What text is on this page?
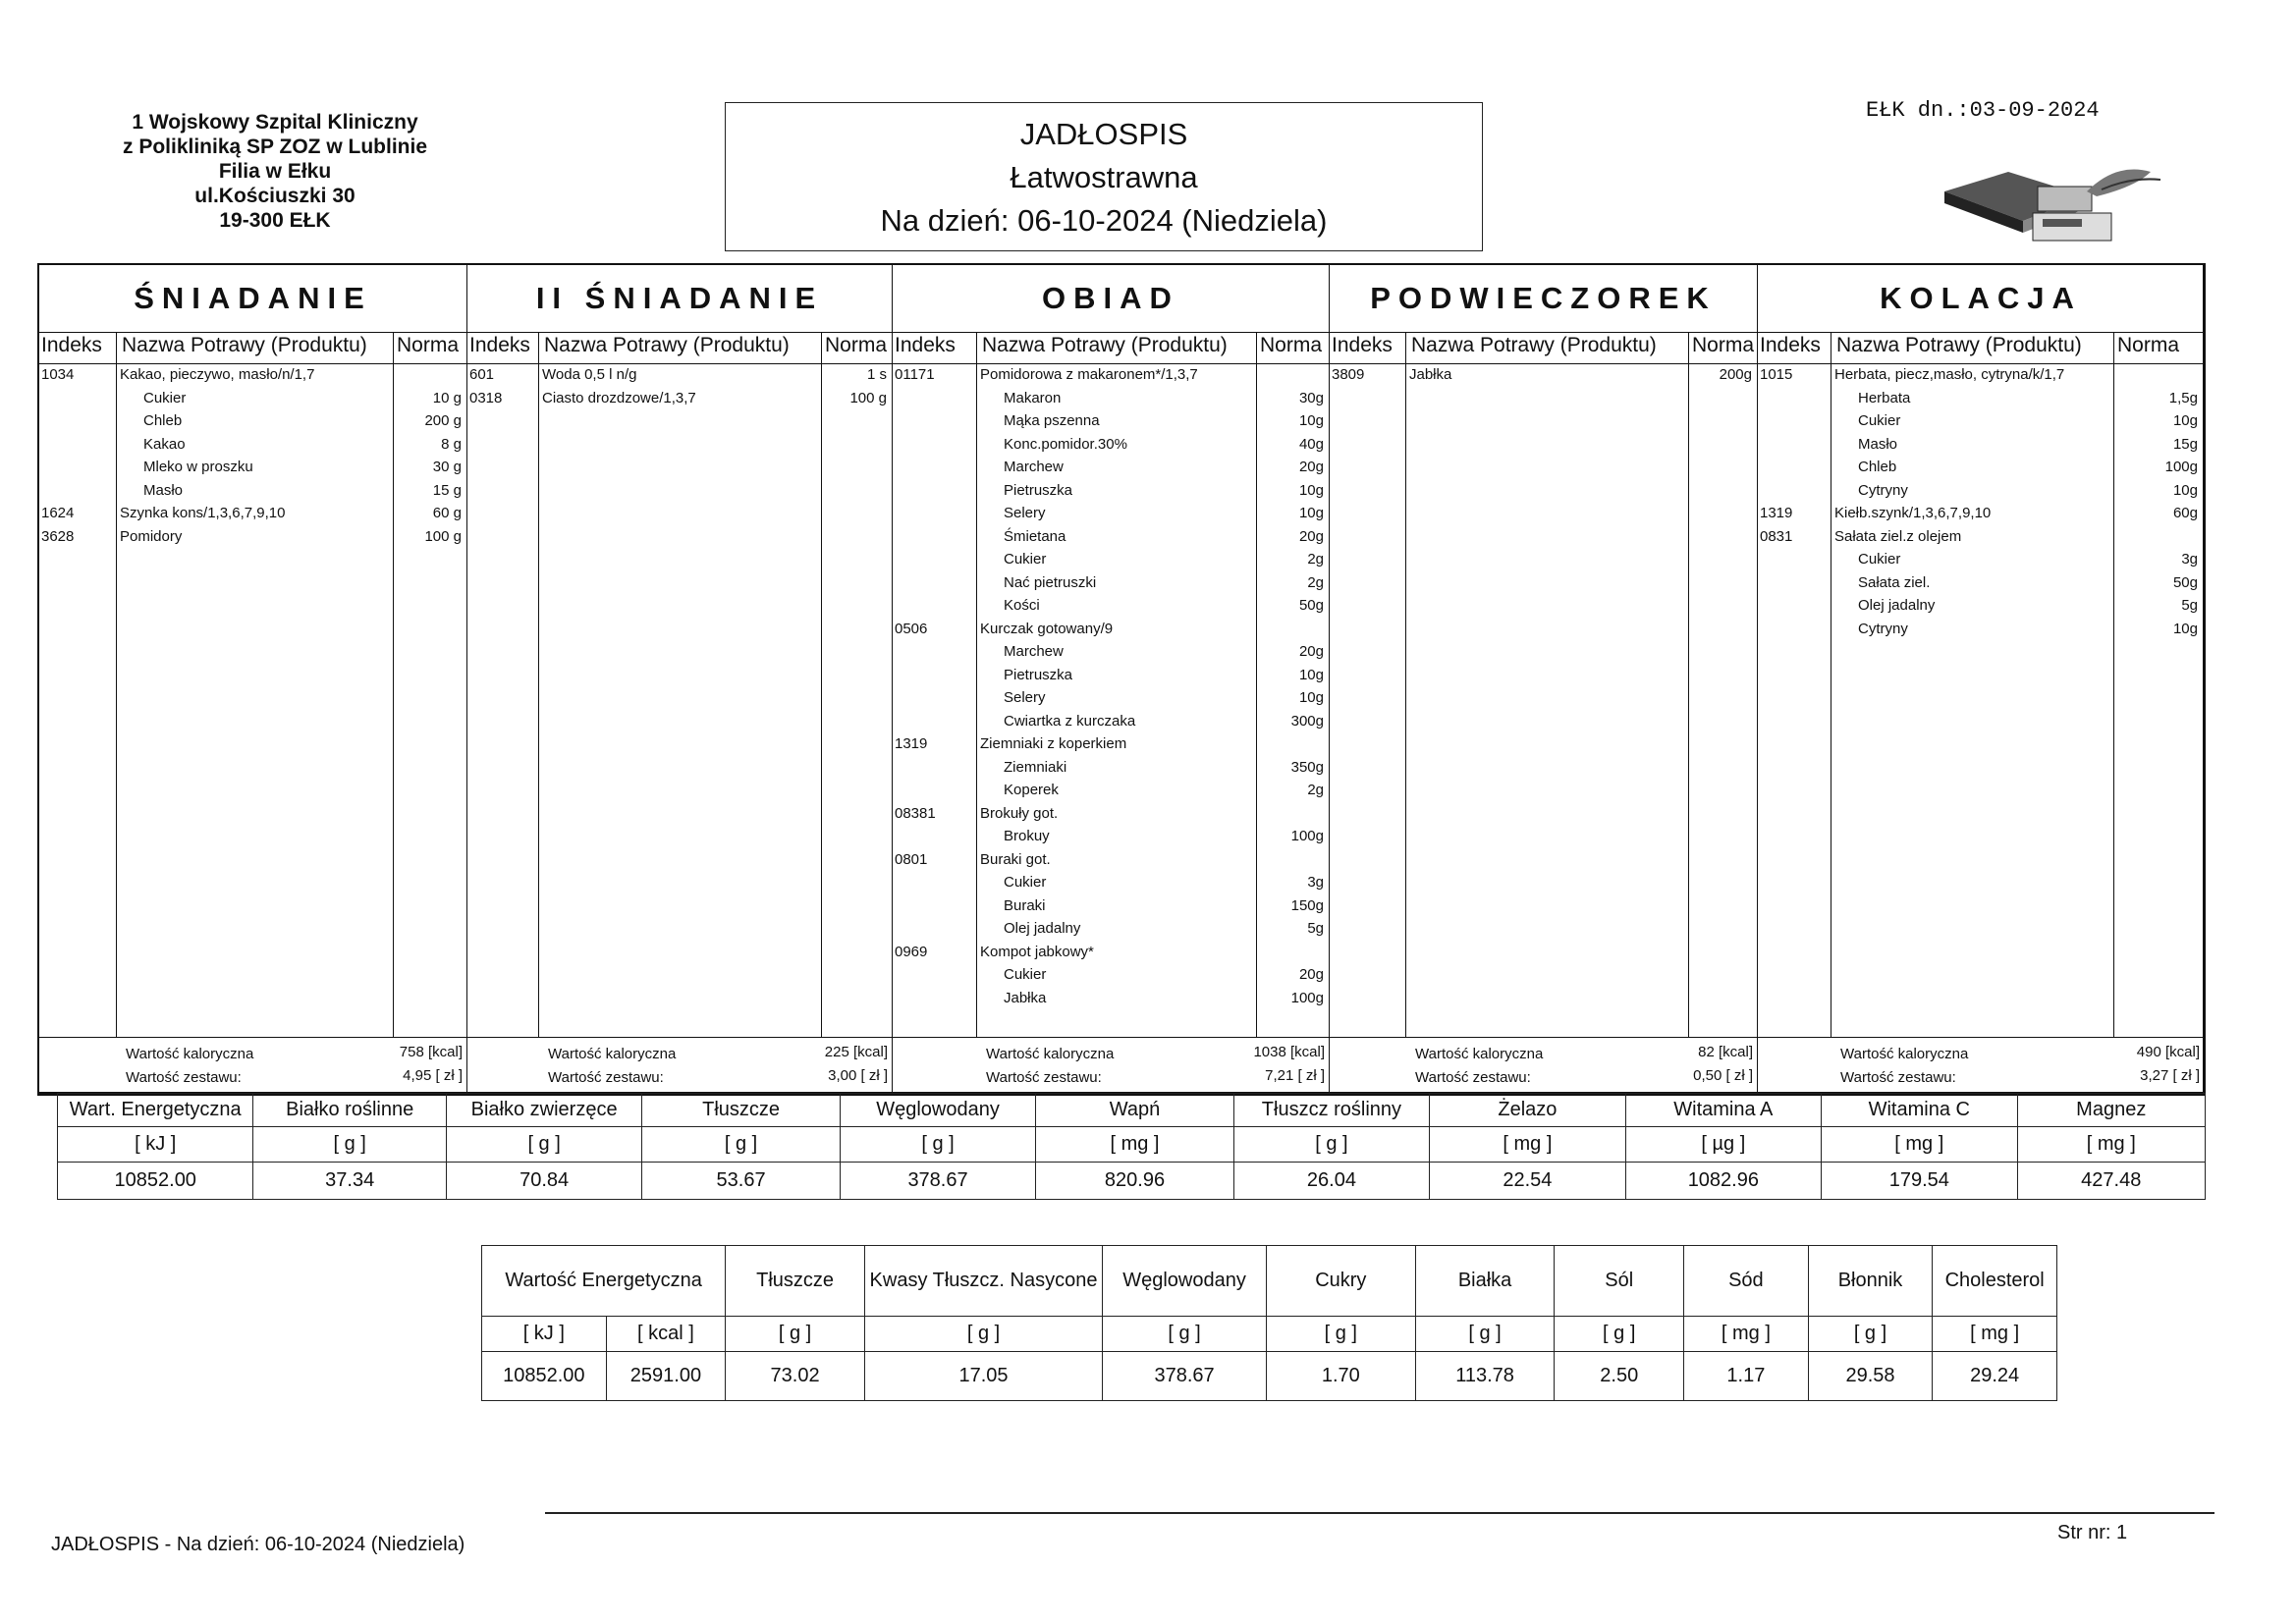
1 Wojskowy Szpital Kliniczny
z Polikliniką SP ZOZ w Lublinie
Filia w Ełku
ul.Kościuszki 30
19-300 EŁK
JADŁOSPIS
Łatwostrawna
Na dzień: 06-10-2024 (Niedziela)
EŁK dn.:03-09-2024
ŚNIADANIE
Indeks Nazwa Potrawy (Produktu) Norma
1034	Kakao, pieczywo, masło/n/1,7
Cukier	10 g
Chleb	200 g
Kakao	8 g
Mleko w proszku	30 g
Masło	15 g
1624	Szynka kons/1,3,6,7,9,10	60 g
3628	Pomidory	100 g
Wartość kaloryczna	758 [kcal]
Wartość zestawu:	4,95 [ zł ]
II ŚNIADANIE
Indeks Nazwa Potrawy (Produktu) Norma
601	Woda 0,5 l n/g	1 s
0318	Ciasto drozdzowe/1,3,7	100 g
Wartość kaloryczna	225 [kcal]
Wartość zestawu:	3,00 [ zł ]
OBIAD
Indeks Nazwa Potrawy (Produktu) Norma
01171	Pomidorowa z makaronem*/1,3,7
Makaron	30g
Mąka pszenna	10g
Konc.pomidor.30%	40g
Marchew	20g
Pietruszka	10g
Selery	10g
Śmietana	20g
Cukier	2g
Nać pietruszki	2g
Kości	50g
0506	Kurczak gotowany/9
Marchew	20g
Pietruszka	10g
Selery	10g
Cwiartka z kurczaka	300g
1319	Ziemniaki z koperkiem
Ziemniaki	350g
Koperek	2g
08381	Brokuły got.
Brokuy	100g
0801	Buraki got.
Cukier	3g
Buraki	150g
Olej jadalny	5g
0969	Kompot jabkowy*
Cukier	20g
Jabłka	100g
Wartość kaloryczna	1038 [kcal]
Wartość zestawu:	7,21 [ zł ]
PODWIECZOREK
Indeks Nazwa Potrawy (Produktu) Norma
3809	Jabłka	200g
Wartość kaloryczna	82 [kcal]
Wartość zestawu:	0,50 [ zł ]
KOLACJA
Indeks Nazwa Potrawy (Produktu) Norma
1015	Herbata, piecz,masło, cytryna/k/1,7
Herbata	1,5g
Cukier	10g
Masło	15g
Chleb	100g
Cytryny	10g
1319	Kiełb.szynk/1,3,6,7,9,10	60g
0831	Sałata ziel.z olejem
Cukier	3g
Sałata ziel.	50g
Olej jadalny	5g
Cytryny	10g
Wartość kaloryczna	490 [kcal]
Wartość zestawu:	3,27 [ zł ]
Wart. Energetyczna	Białko roślinne	Białko zwierzęce	Tłuszcze	Węglowodany	Wapń	Tłuszcz roślinny	Żelazo	Witamina A	Witamina C	Magnez
[ kJ ]	[ g ]	[ g ]	[ g ]	[ g ]	[ mg ]	[ g ]	[ mg ]	[ µg ]	[ mg ]	[ mg ]
10852.00	37.34	70.84	53.67	378.67	820.96	26.04	22.54	1082.96	179.54	427.48
Wartość Energetyczna		Tłuszcze	Kwasy Tłuszcz. Nasycone	Węglowodany	Cukry	Białka	Sól	Sód	Błonnik	Cholesterol
[ kJ ]	[ kcal ]	[ g ]	[ g ]	[ g ]	[ g ]	[ g ]	[ g ]	[ mg ]	[ g ]	[ mg ]
10852.00	2591.00	73.02	17.05	378.67	1.70	113.78	2.50	1.17	29.58	29.24
JADŁOSPIS - Na dzień: 06-10-2024 (Niedziela)
Str nr: 1
